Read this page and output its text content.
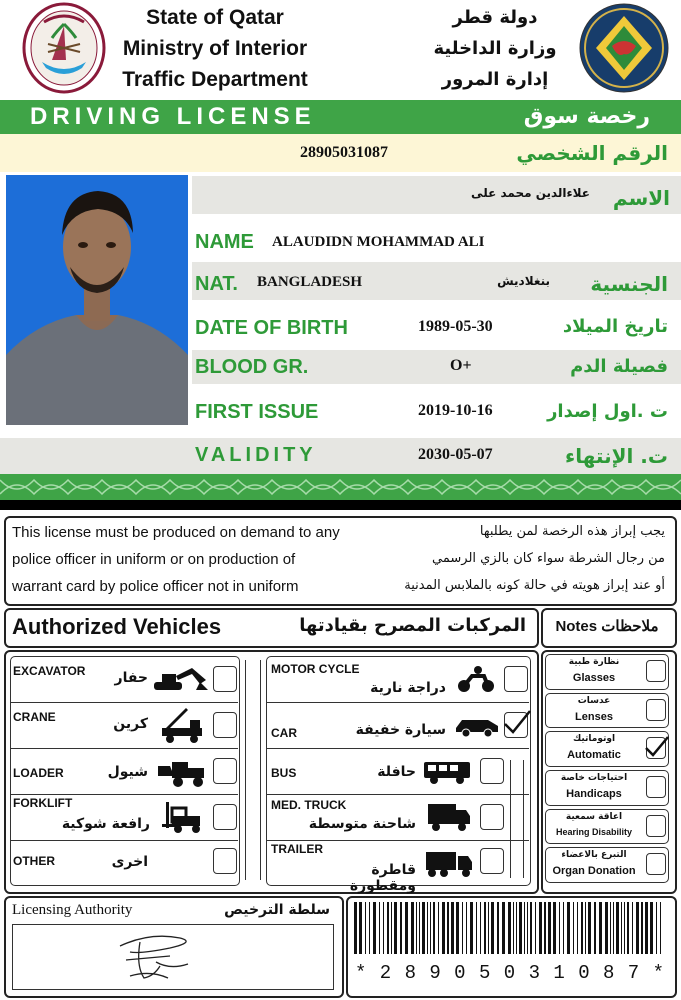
State of Qatar
Ministry of Interior
Traffic Department
دولة قطر
وزارة الداخلية
إدارة المرور
DRIVING LICENSE	رخصة سوق
28905031087	الرقم الشخصي
علاءالدين محمد على	الاسم
NAME ALAUDIDN MOHAMMAD ALI
NAT. BANGLADESH	بنغلاديش	الجنسية
DATE OF BIRTH	1989-05-30	تاريخ الميلاد
BLOOD GR.	O+	فصيلة الدم
FIRST ISSUE	2019-10-16	ت .اول إصدار
VALIDITY	2030-05-07	ت. الإنتهاء
This license must be produced on demand to any
police officer in uniform or on production of
warrant card by police officer not in uniform
يجب إبراز هذه الرخصة لمن يطلبها
من رجال الشرطة سواء كان بالزي الرسمي
أو عند إبراز هويته في حالة كونه بالملابس المدنية
Authorized Vehicles	المركبات المصرح بقيادتها	Notes ملاحظات
EXCAVATOR	حفار
CRANE	كرين
LOADER	شيول
FORKLIFT
رافعة شوكية
OTHER	اخرى
MOTOR CYCLE
دراجة نارية
CAR	سيارة خفيفة
BUS	حافلة
MED. TRUCK
شاحنة متوسطة
TRAILER
قاطرة ومقطورة
نظارة طبية
Glasses
عدسات
Lenses
اوتوماتيك
Automatic
احتياجات خاصة
Handicaps
اعاقة سمعية
Hearing Disability
التبرع بالاعضاء
Organ Donation
Licensing Authority	سلطة الترخيص
* 2 8 9 0 5 0 3 1 0 8 7 *
